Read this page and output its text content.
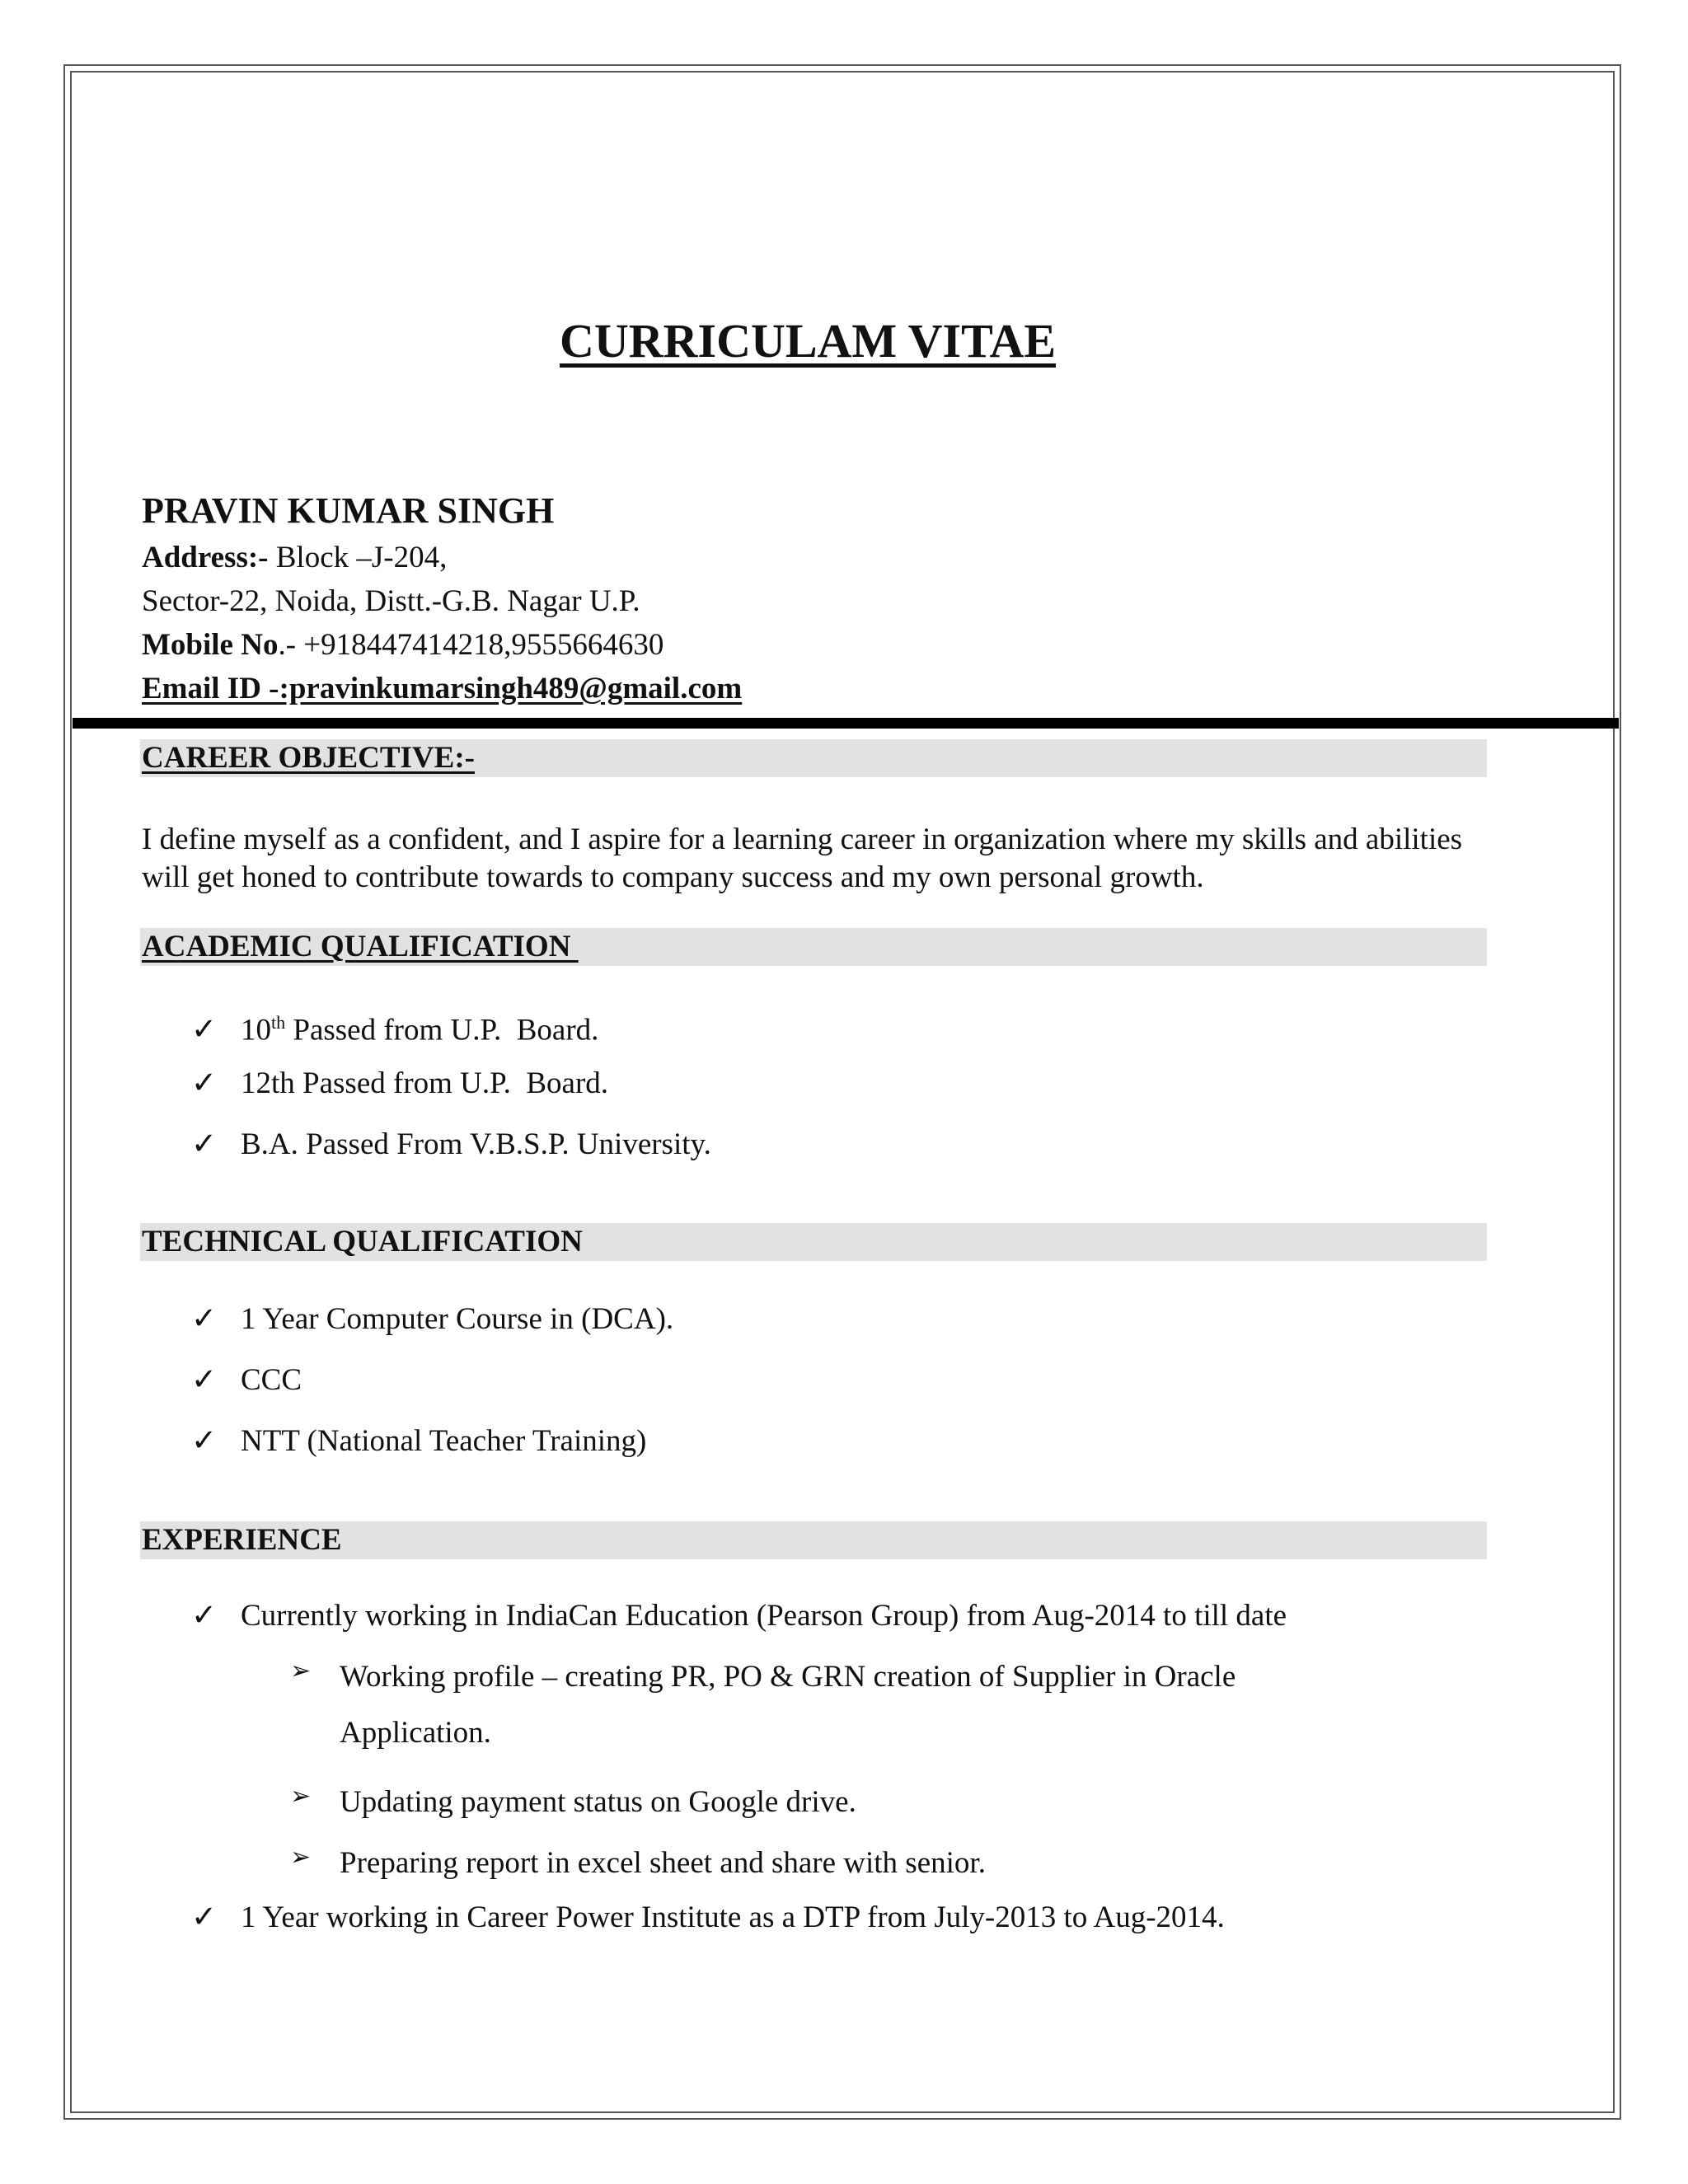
CURRICULAM VITAE

PRAVIN KUMAR SINGH

Address:- Block –J-204,

Sector-22, Noida, Distt.-G.B. Nagar U.P.

Mobile No.- +918447414218,9555664630

Email ID -:pravinkumarsingh489@gmail.com

CAREER OBJECTIVE:-

I define myself as a confident, and I aspire for a learning career in organization where my skills and abilities will get honed to contribute towards to company success and my own personal growth.

ACADEMIC QUALIFICATION
✓ 10th Passed from U.P.  Board.
✓ 12th Passed from U.P.  Board.
✓ B.A. Passed From V.B.S.P. University.
TECHNICAL QUALIFICATION
✓ 1 Year Computer Course in (DCA).
✓ CCC
✓ NTT (National Teacher Training)
EXPERIENCE
✓ Currently working in IndiaCan Education (Pearson Group) from Aug-2014 to till date
➢ Working profile – creating PR, PO & GRN creation of Supplier in Oracle Application.
➢ Updating payment status on Google drive.
➢ Preparing report in excel sheet and share with senior.
✓ 1 Year working in Career Power Institute as a DTP from July-2013 to Aug-2014.
